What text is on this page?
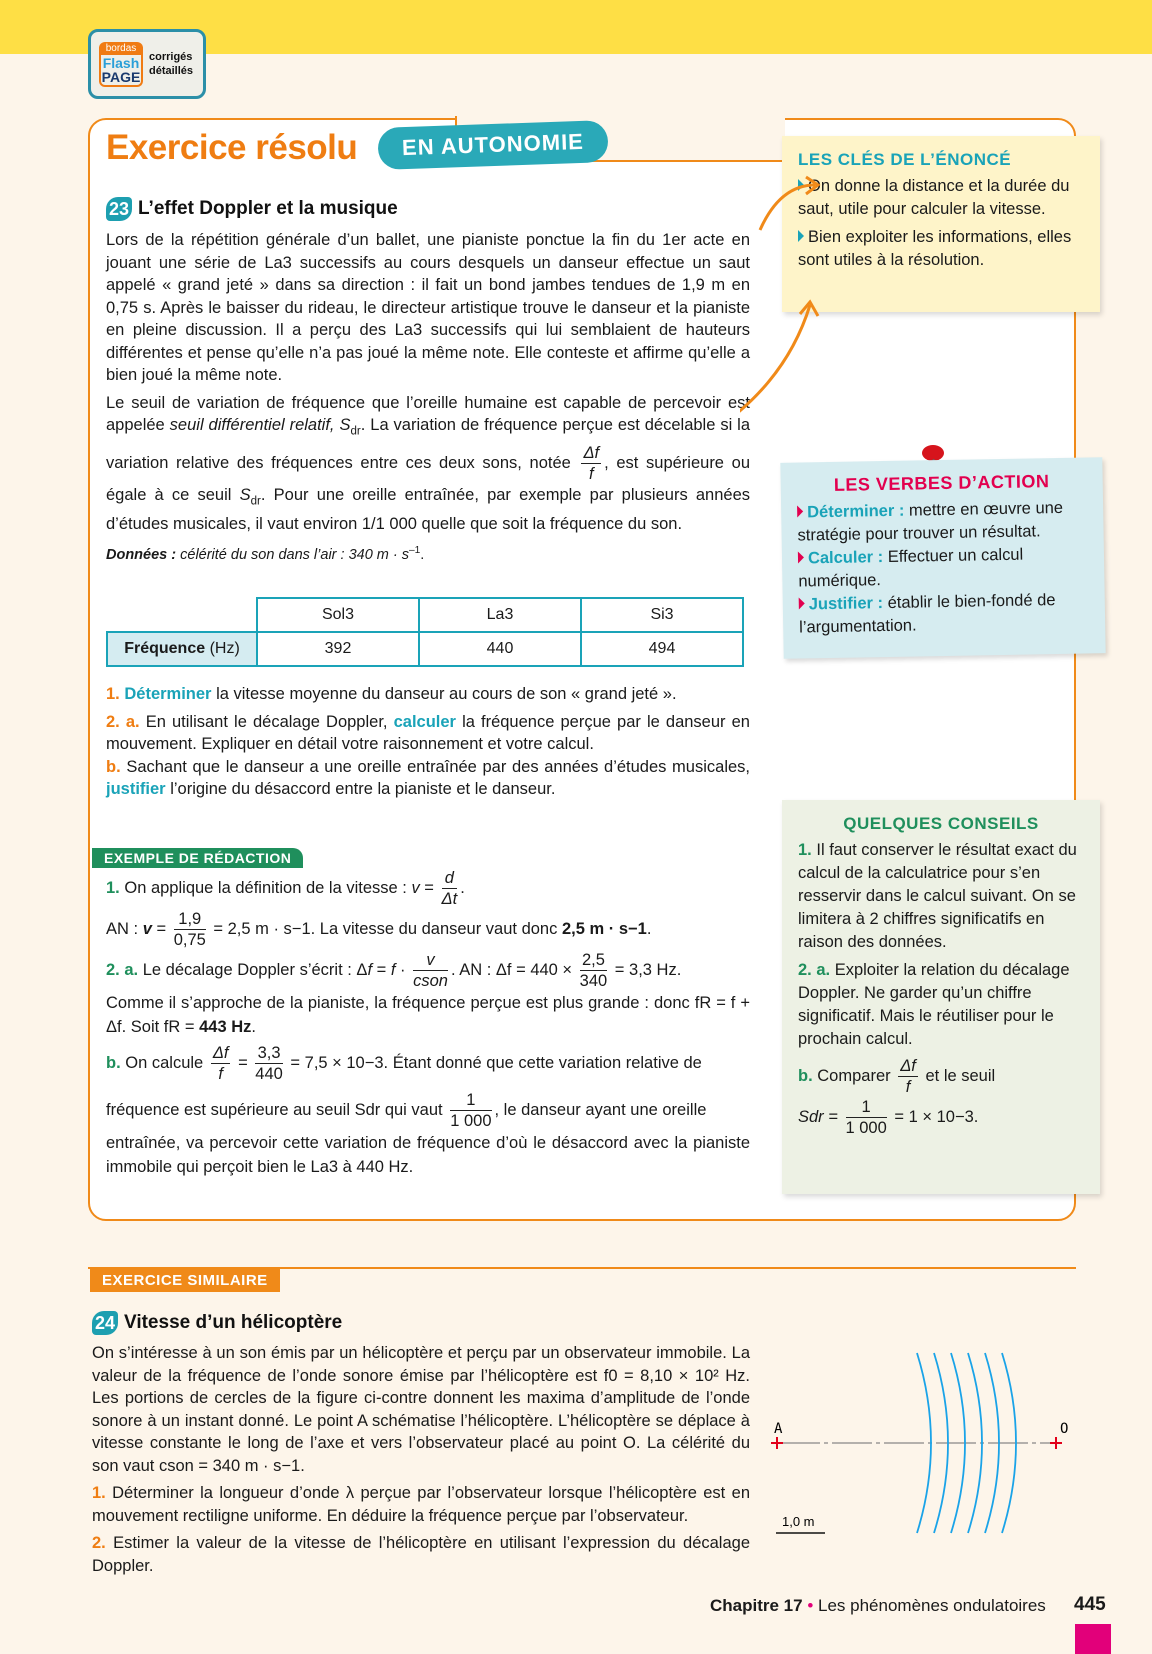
bordas
Flash
PAGE
corrigés
détaillés
Exercice résolu	EN AUTONOMIE
23 L’effet Doppler et la musique

Lors de la répétition générale d’un ballet, une pianiste ponctue la fin du 1er acte en jouant une série de La3 successifs au cours desquels un danseur effectue un saut appelé « grand jeté » dans sa direction : il fait un bond jambes tendues de 1,9 m en 0,75 s. Après le baisser du rideau, le directeur artistique trouve le danseur et la pianiste en pleine discussion. Il a perçu des La3 successifs qui lui semblaient de hauteurs différentes et pense qu’elle n’a pas joué la même note. Elle conteste et affirme qu’elle a bien joué la même note.

Le seuil de variation de fréquence que l’oreille humaine est capable de percevoir est appelée seuil différentiel relatif, $S_{dr}$. La variation de fréquence perçue est décelable si la variation relative des fréquences entre ces deux sons, notée $\frac{\Delta f}{f}$ , est supérieure ou égale à ce seuil $S_{dr}$. Pour une oreille entraînée, par exemple par plusieurs années d’études musicales, il vaut environ 1/1 000 quelle que soit la fréquence du son.

Données : célérité du son dans l’air : 340 $m \cdot s^{-1}$.

	Sol3	La3	Si3
Fréquence (Hz)	392	440	494

1. Déterminer la vitesse moyenne du danseur au cours de son « grand jeté ».

2. a. En utilisant le décalage Doppler, calculer la fréquence perçue par le danseur en mouvement. Expliquer en détail votre raisonnement et votre calcul.

b. Sachant que le danseur a une oreille entraînée par des années d’études musicales, justifier l’origine du désaccord entre la pianiste et le danseur.

EXEMPLE DE RÉDACTION
1. On applique la définition de la vitesse : $v = \frac{d}{\Delta t}$ .
AN : $v = \frac{1,9}{0,75} = 2,5$ m · s−1. La vitesse du danseur vaut donc 2,5 m · s−1.
2. a. Le décalage Doppler s’écrit : $\Delta f = f \cdot \frac{v}{\text{cson}}$ . AN : $\Delta f = 440 \times \frac{2,5}{340} = 3,3$ Hz.
Comme il s’approche de la pianiste, la fréquence perçue est plus grande : donc fR = f + Δf. Soit fR = 443 Hz.
b. On calcule $\frac{\Delta f}{f} = \frac{3,3}{440} = 7,5 \times 10-3$. Étant donné que cette variation relative de
fréquence est supérieure au seuil Sdr qui vaut $\frac{1}{1 000}$ , le danseur ayant une oreille
entraînée, va percevoir cette variation de fréquence d’où le désaccord avec la pianiste immobile qui perçoit bien le La3 à 440 Hz.
LES CLÉS DE L’ÉNONCÉ

On donne la distance et la durée du saut, utile pour calculer la vitesse.

Bien exploiter les informations, elles sont utiles à la résolution.

LES VERBES D’ACTION

Déterminer : mettre en œuvre une stratégie pour trouver un résultat.

Calculer : Effectuer un calcul numérique.

Justifier : établir le bien-fondé de l’argumentation.

QUELQUES CONSEILS

1. Il faut conserver le résultat exact du calcul de la calculatrice pour s’en resservir dans le calcul suivant. On se limitera à 2 chiffres significatifs en raison des données.

2. a. Exploiter la relation du décalage Doppler. Ne garder qu’un chiffre significatif. Mais le réutiliser pour le prochain calcul.

b. Comparer $\frac{\Delta f}{f}$ et le seuil

Sdr = $\frac{1}{1 000} = 1 \times 10-3$.

EXERCICE SIMILAIRE
24 Vitesse d’un hélicoptère

On s’intéresse à un son émis par un hélicoptère et perçu par un observateur immobile. La valeur de la fréquence de l’onde sonore émise par l’hélicoptère est f0 = 8,10 × 10² Hz. Les portions de cercles de la figure ci-contre donnent les maxima d’amplitude de l’onde sonore à un instant donné. Le point A schématise l’hélicoptère. L’hélicoptère se déplace à vitesse constante le long de l’axe et vers l’observateur placé au point O. La célérité du son vaut cson = 340 m · s−1.

1. Déterminer la longueur d’onde λ perçue par l’observateur lorsque l’hélicoptère est en mouvement rectiligne uniforme. En déduire la fréquence perçue par l’observateur.

2. Estimer la valeur de la vitesse de l’hélicoptère en utilisant l’expression du décalage Doppler.

A	O
1,0 m
Chapitre 17 • Les phénomènes ondulatoires 445
